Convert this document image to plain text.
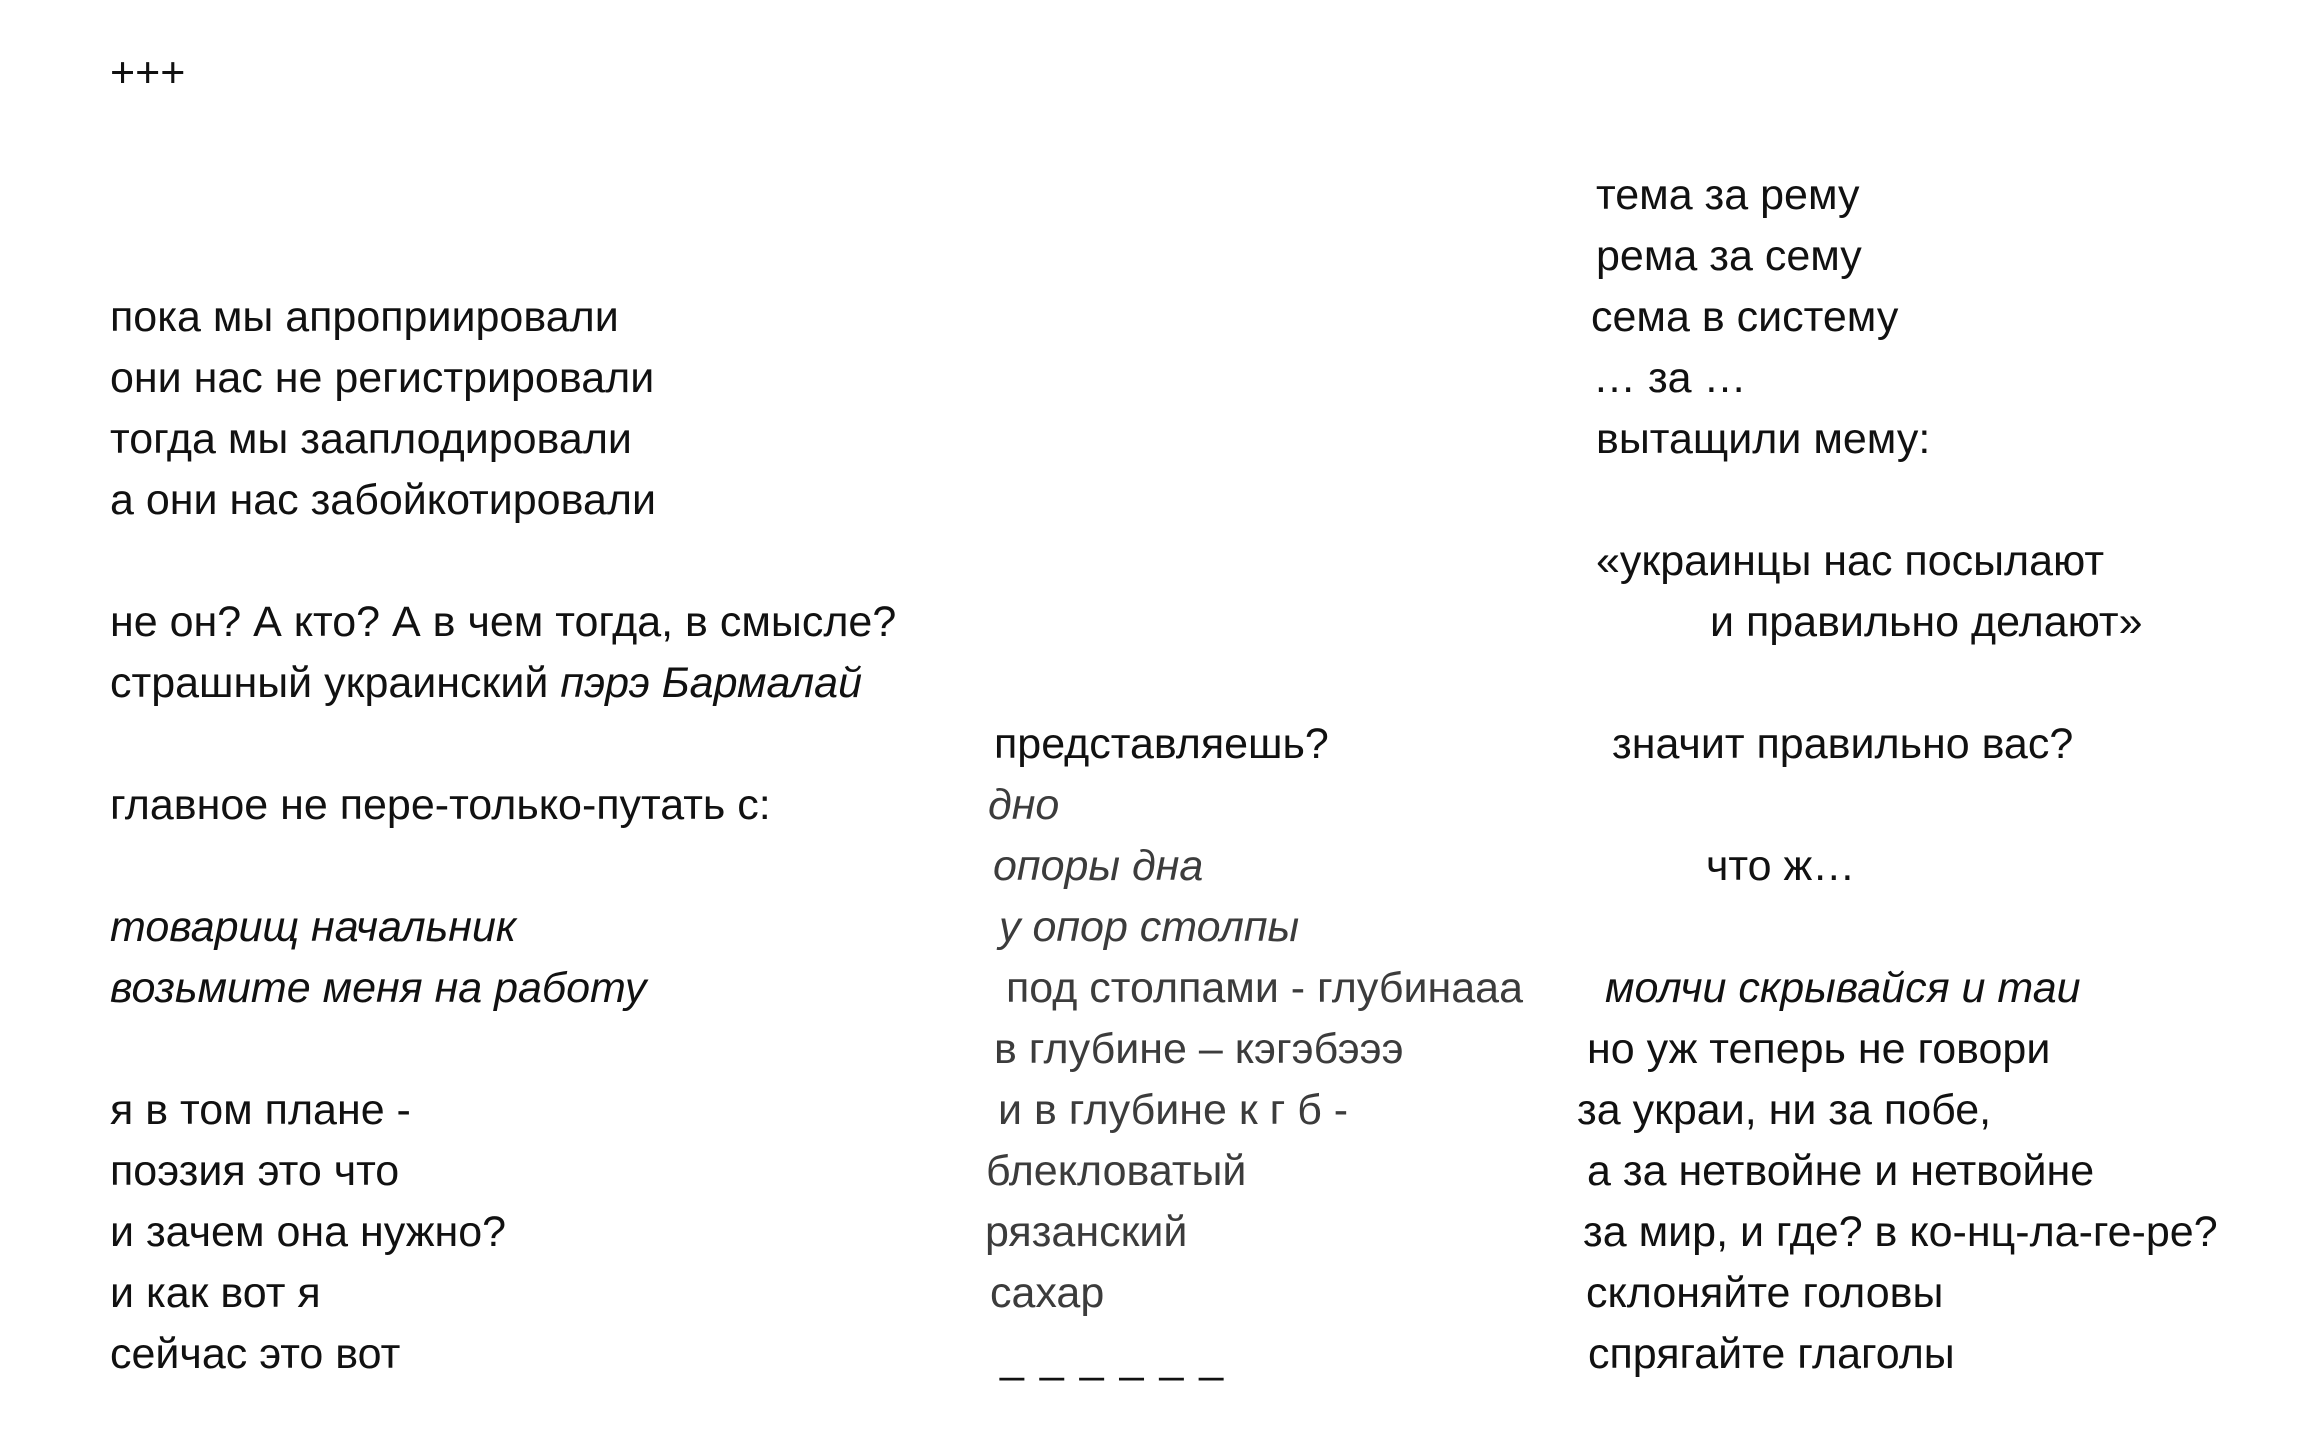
+++
пока мы апроприировали
они нас не регистрировали
тогда мы зааплодировали
а они нас забойкотировали
не он? А кто? А в чем тогда, в смысле?
страшный украинский пэрэ Бармалай
главное не пере-только-путать с:
товарищ начальник
возьмите меня на работу
я в том плане -
поэзия это что
и зачем она нужно?
и как вот я
сейчас это вот
представляешь?
дно
опоры дна
у опор столпы
под столпами - глубинааа
в глубине – кэгэбэээ
и в глубине к г б -
блекловатый
рязанский
сахар
_ _ _ _ _ _
тема за рему
рема за сему
сема в систему
… за …
вытащили мему:
«украинцы нас посылают
и правильно делают»
значит правильно вас?
что ж…
молчи скрывайся и таи
но уж теперь не говори
за украи, ни за побе,
а за нетвойне и нетвойне
за мир, и где? в ко-нц-ла-ге-ре?
склоняйте головы
спрягайте глаголы
